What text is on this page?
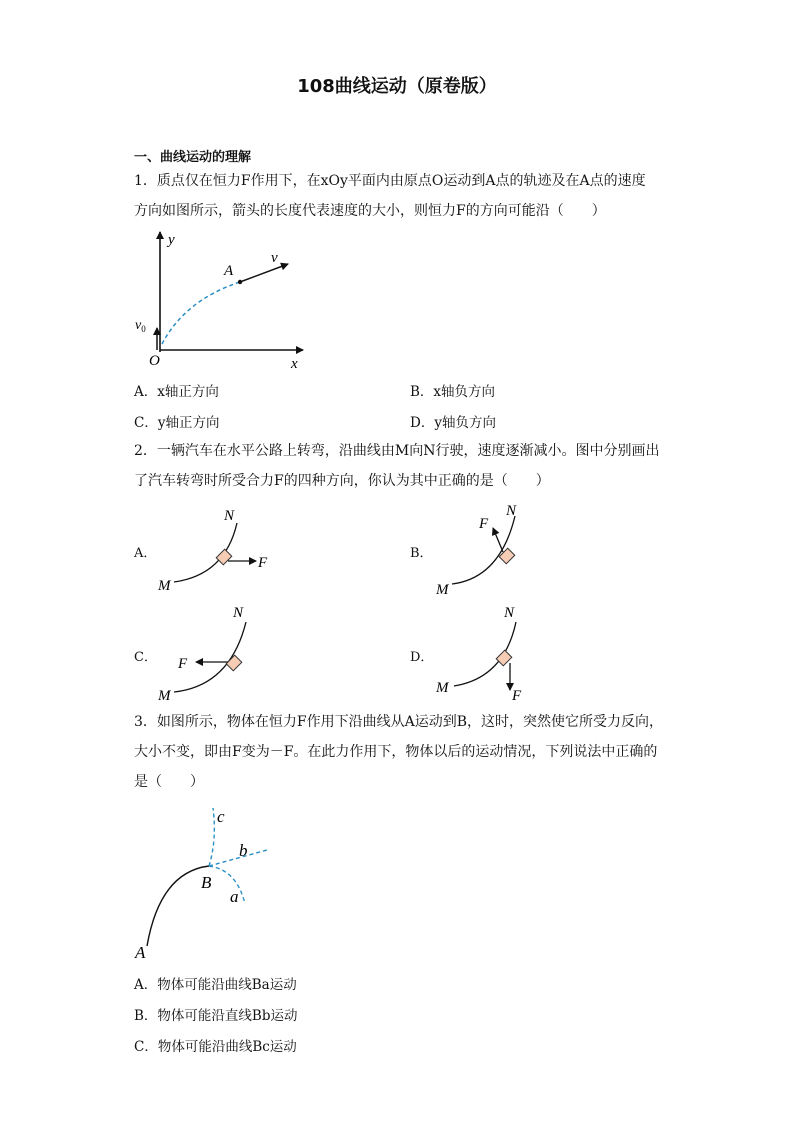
108曲线运动（原卷版）
一、曲线运动的理解
1．质点仅在恒力F作用下，在xOy平面内由原点O运动到A点的轨迹及在A点的速度
方向如图所示，箭头的长度代表速度的大小，则恒力F的方向可能沿（　　）
y
x
O
A
v
$v_0$
A．x轴正方向	B．x轴负方向
C．y轴正方向	D．y轴负方向
2．一辆汽车在水平公路上转弯，沿曲线由M向N行驶，速度逐渐减小。图中分别画出
了汽车转弯时所受合力F的四种方向，你认为其中正确的是（　　）
A．
M
N
F
B．
M
N
F
C．
M
N
F	D．
M
N
F
3．如图所示，物体在恒力F作用下沿曲线从A运动到B，这时，突然使它所受力反向，
大小不变，即由F变为－F。在此力作用下，物体以后的运动情况，下列说法中正确的
是（　　）
A
B
a
b
c
A．物体可能沿曲线Ba运动
B．物体可能沿直线Bb运动
C．物体可能沿曲线Bc运动
